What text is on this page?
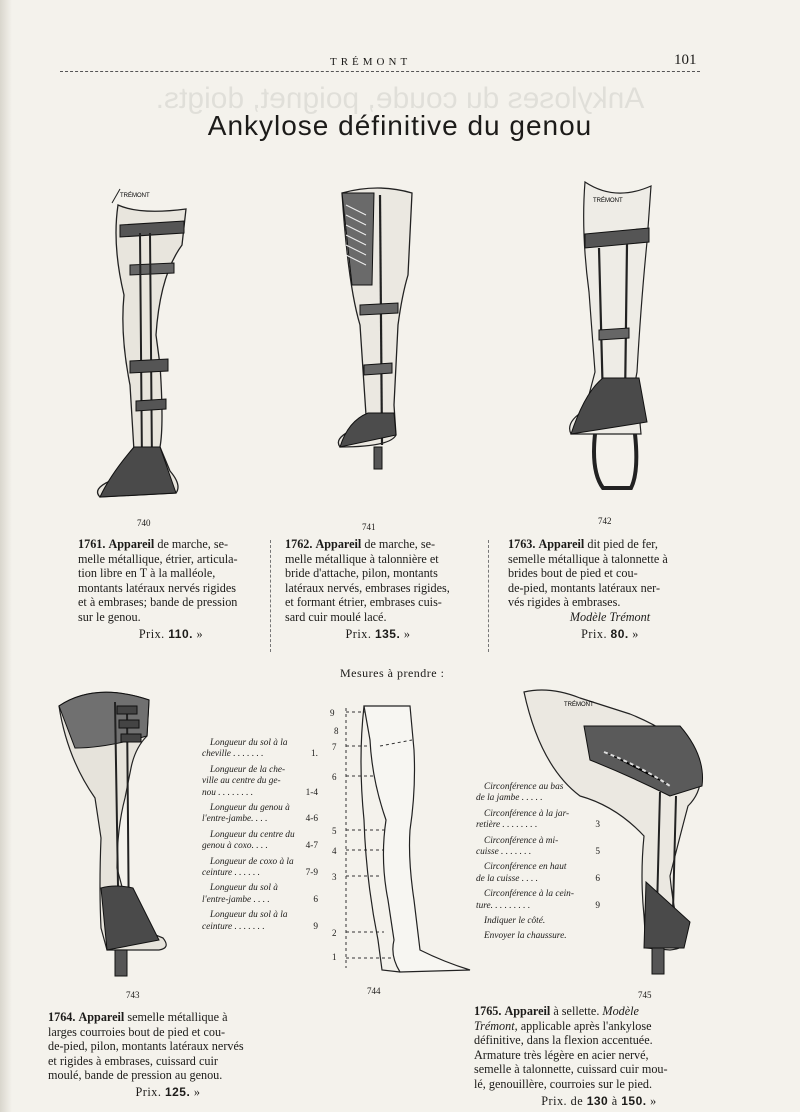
TRÉMONT	101
Ankyloses du coude, poignet, doigts.
Ankylose définitive du genou
TRÉMONT
740	741
TRÉMONT
742
1761. Appareil de marche, se-
melle métallique, étrier, articula-
tion libre en T à la malléole,
montants latéraux nervés rigides
et à embrases; bande de pression
sur le genou.
Prix. 110. »
1762. Appareil de marche, se-
melle métallique à talonnière et
bride d'attache, pilon, montants
latéraux nervés, embrases rigides,
et formant étrier, embrases cuis-
sard cuir moulé lacé.
Prix. 135. »
1763. Appareil dit pied de fer,
semelle métallique à talonnette à
brides bout de pied et cou-
de-pied, montants latéraux ner-
vés rigides à embrases.
Modèle Trémont
Prix. 80. »
Mesures à prendre :
743
Longueur du sol à la
cheville . . . . . . .	1.
Longueur de la che-
ville au centre du ge-
nou . . . . . . . .	1-4
Longueur du genou à
l'entre-jambe. . . .	4-6
Longueur du centre du
genou à coxo. . . .	4-7
Longueur de coxo à la
ceinture . . . . . .	7-9
Longueur du sol à
l'entre-jambe . . . .	6
Longueur du sol à la
ceinture . . . . . . .	9
9
8
7
6
5
4
3
2
1
744
Circonférence au bas
de la jambe . . . . .
Circonférence à la jar-
retière . . . . . . . .	3
Circonférence à mi-
cuisse . . . . . . .	5
Circonférence en haut
de la cuisse . . . .	6
Circonférence à la cein-
ture. . . . . . . . .	9
Indiquer le côté.
Envoyer la chaussure.
TRÉMONT
745
1764. Appareil semelle métallique à
larges courroies bout de pied et cou-
de-pied, pilon, montants latéraux nervés
et rigides à embrases, cuissard cuir
moulé, bande de pression au genou.
Prix. 125. »
1765. Appareil à sellette. Modèle
Trémont, applicable après l'ankylose
définitive, dans la flexion accentuée.
Armature très légère en acier nervé,
semelle à talonnette, cuissard cuir mou-
lé, genouillère, courroies sur le pied.
Prix. de 130 à 150. »
